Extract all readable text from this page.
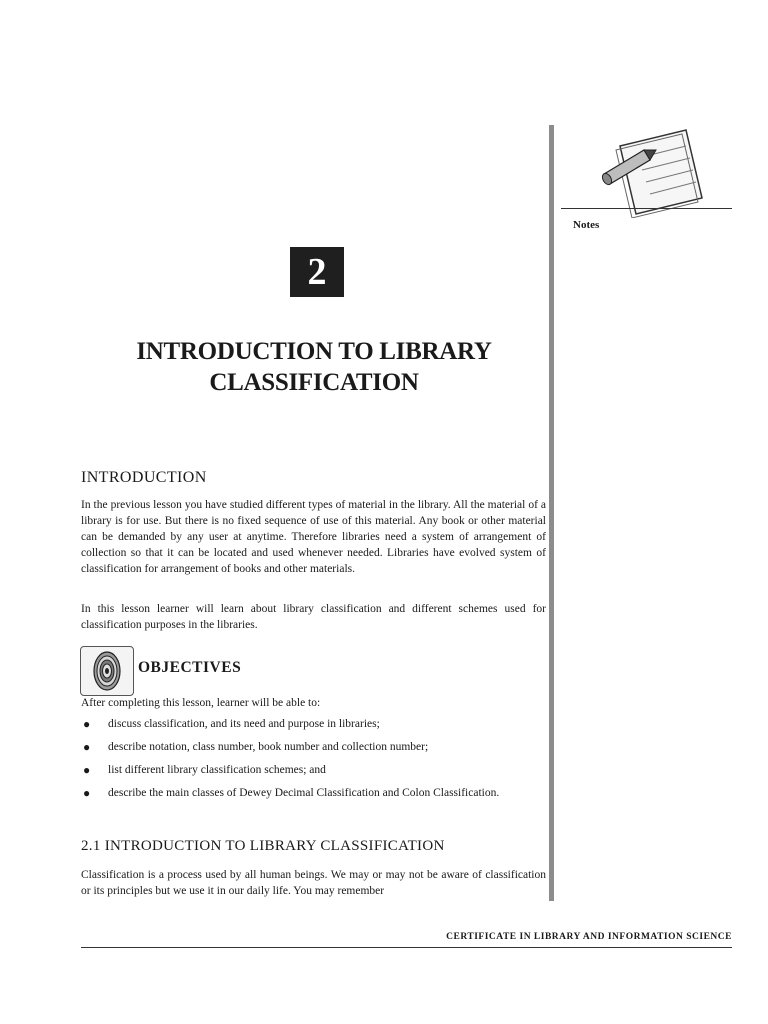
Notes
2
INTRODUCTION TO LIBRARY
CLASSIFICATION
INTRODUCTION

In the previous lesson you have studied different types of material in the library. All the material of a library is for use. But there is no fixed sequence of use of this material. Any book or other material can be demanded by any user at anytime. Therefore libraries need a system of arrangement of collection so that it can be located and used whenever needed. Libraries have evolved system of classification for arrangement of books and other materials.

In this lesson learner will learn about library classification and different schemes used for classification purposes in the libraries.

OBJECTIVES
After completing this lesson, learner will be able to:
● discuss classification, and its need and purpose in libraries;
● describe notation, class number, book number and collection number;
● list different library classification schemes; and
● describe the main classes of Dewey Decimal Classification and Colon Classification.
2.1 INTRODUCTION TO LIBRARY CLASSIFICATION

Classification is a process used by all human beings. We may or may not be aware of classification or its principles but we use it in our daily life. You may remember

CERTIFICATE IN LIBRARY AND INFORMATION SCIENCE
